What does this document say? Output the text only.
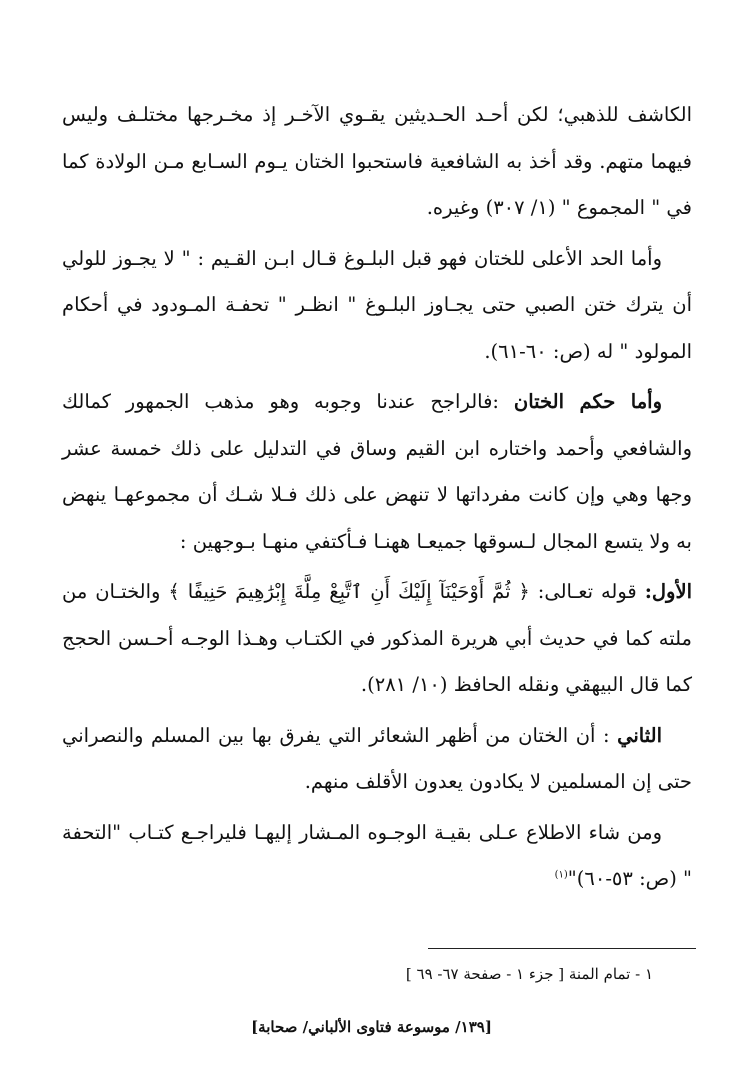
الكاشف للذهبي؛ لكن أحـد الحـديثين يقـوي الآخـر إذ مخـرجها مختلـف وليس فيهما متهم. وقد أخذ به الشافعية فاستحبوا الختان يـوم السـابع مـن الولادة كما في " المجموع " (١/ ٣٠٧) وغيره.

وأما الحد الأعلى للختان فهو قبل البلـوغ قـال ابـن القـيم : " لا يجـوز للولي أن يترك ختن الصبي حتى يجـاوز البلـوغ " انظـر " تحفـة المـودود في أحكام المولود " له (ص: ٦٠-٦١).

وأما حكم الختان :فالراجح عندنا وجوبه وهو مذهب الجمهور كمالك والشافعي وأحمد واختاره ابن القيم وساق في التدليل على ذلك خمسة عشر وجها وهي وإن كانت مفرداتها لا تنهض على ذلك فـلا شـك أن مجموعهـا ينهض به ولا يتسع المجال لـسوقها جميعـا ههنـا فـأكتفي منهـا بـوجهين :

الأول: قوله تعـالى: ﴿ ثُمَّ أَوْحَيْنَآ إِلَيْكَ أَنِ ٱتَّبِعْ مِلَّةَ إِبْرَٰهِيمَ حَنِيفًا ﴾ والختـان من ملته كما في حديث أبي هريرة المذكور في الكتـاب وهـذا الوجـه أحـسن الحجج كما قال البيهقي ونقله الحافظ (١٠/ ٢٨١).

الثاني : أن الختان من أظهر الشعائر التي يفرق بها بين المسلم والنصراني حتى إن المسلمين لا يكادون يعدون الأقلف منهم.

ومن شاء الاطلاع عـلى بقيـة الوجـوه المـشار إليهـا فليراجـع كتـاب "التحفة " (ص: ٥٣-٦٠)"$^{(١)}$

١ - تمام المنة [ جزء ١ - صفحة ٦٧- ٦٩ ]
[١٣٩/ موسوعة فتاوى الألباني/ صحابة]
